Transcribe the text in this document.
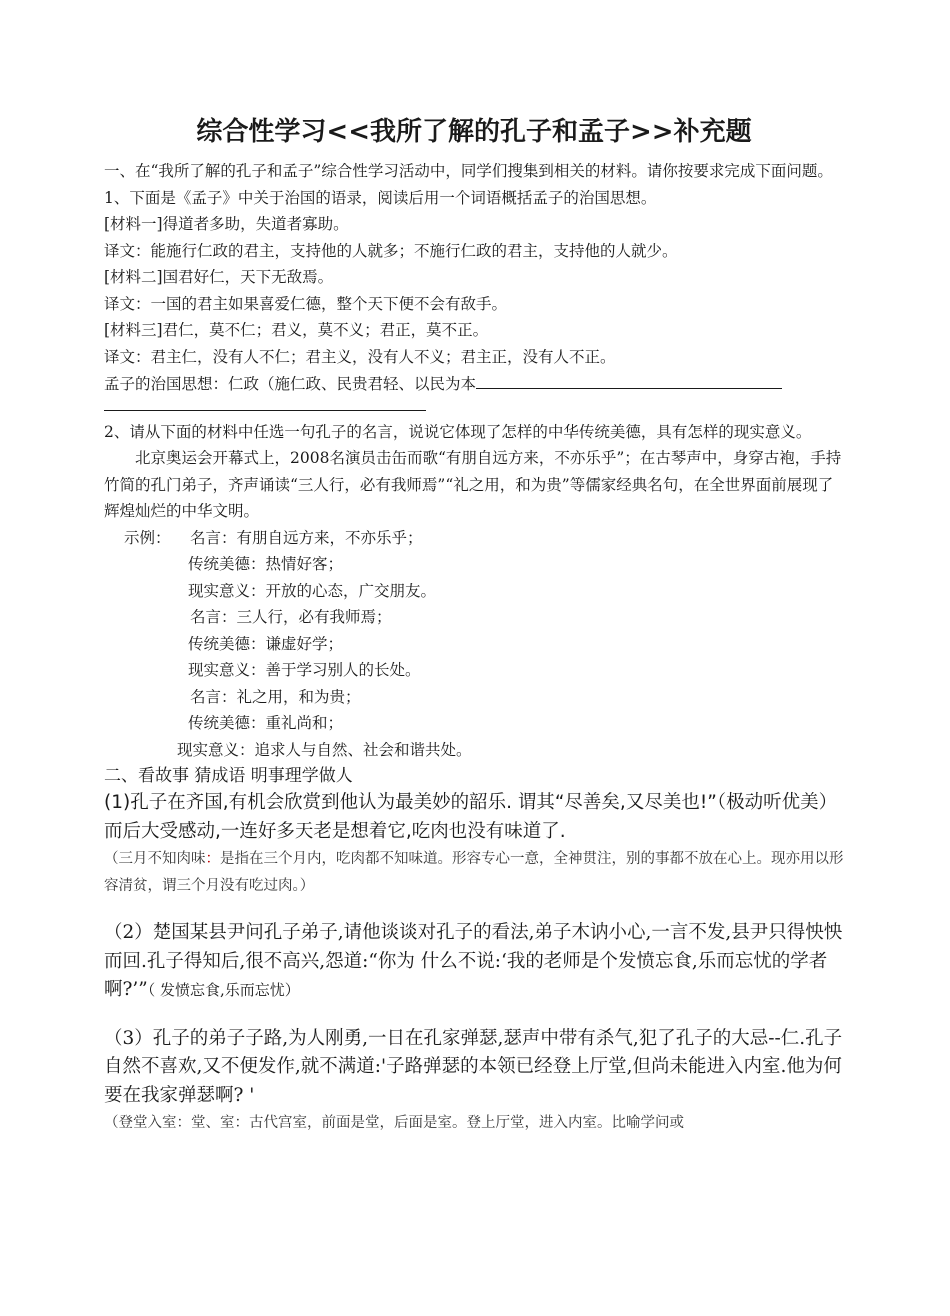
综合性学习<<我所了解的孔子和孟子>>补充题

一、在“我所了解的孔子和孟子”综合性学习活动中，同学们搜集到相关的材料。请你按要求完成下面问题。

1、下面是《孟子》中关于治国的语录，阅读后用一个词语概括孟子的治国思想。

[材料一]得道者多助，失道者寡助。

译文：能施行仁政的君主，支持他的人就多；不施行仁政的君主，支持他的人就少。

[材料二]国君好仁，天下无敌焉。

译文：一国的君主如果喜爱仁德，整个天下便不会有敌手。

[材料三]君仁，莫不仁；君义，莫不义；君正，莫不正。

译文：君主仁，没有人不仁；君主义，没有人不义；君主正，没有人不正。

孟子的治国思想：仁政（施仁政、民贵君轻、以民为本

2、请从下面的材料中任选一句孔子的名言，说说它体现了怎样的中华传统美德，具有怎样的现实意义。

北京奥运会开幕式上，2008名演员击缶而歌“有朋自远方来，不亦乐乎”；在古琴声中，身穿古袍，手持竹简的孔门弟子，齐声诵读“三人行，必有我师焉”“礼之用，和为贵”等儒家经典名句，在全世界面前展现了辉煌灿烂的中华文明。

示例： 名言：有朋自远方来，不亦乐乎；

传统美德：热情好客；

现实意义：开放的心态，广交朋友。

名言：三人行，必有我师焉；

传统美德：谦虚好学；

现实意义：善于学习别人的长处。

名言：礼之用，和为贵；

传统美德：重礼尚和；

现实意义：追求人与自然、社会和谐共处。

二、看故事 猜成语 明事理学做人

(1)孔子在齐国,有机会欣赏到他认为最美妙的韶乐. 谓其“尽善矣,又尽美也!”（极动听优美）而后大受感动,一连好多天老是想着它,吃肉也没有味道了.

（三月不知肉味：是指在三个月内，吃肉都不知味道。形容专心一意，全神贯注，别的事都不放在心上。现亦用以形容清贫，谓三个月没有吃过肉。）

（2）楚国某县尹问孔子弟子,请他谈谈对孔子的看法,弟子木讷小心,一言不发,县尹只得怏怏而回.孔子得知后,很不高兴,怨道:“你为 什么不说:‘我的老师是个发愤忘食,乐而忘忧的学者啊?’”（ 发愤忘食,乐而忘忧）

（3）孔子的弟子子路,为人刚勇,一日在孔家弹瑟,瑟声中带有杀气,犯了孔子的大忌--仁.孔子自然不喜欢,又不便发作,就不满道:'子路弹瑟的本领已经登上厅堂,但尚未能进入内室.他为何要在我家弹瑟啊? '

（登堂入室：堂、室：古代宫室，前面是堂，后面是室。登上厅堂，进入内室。比喻学问或
